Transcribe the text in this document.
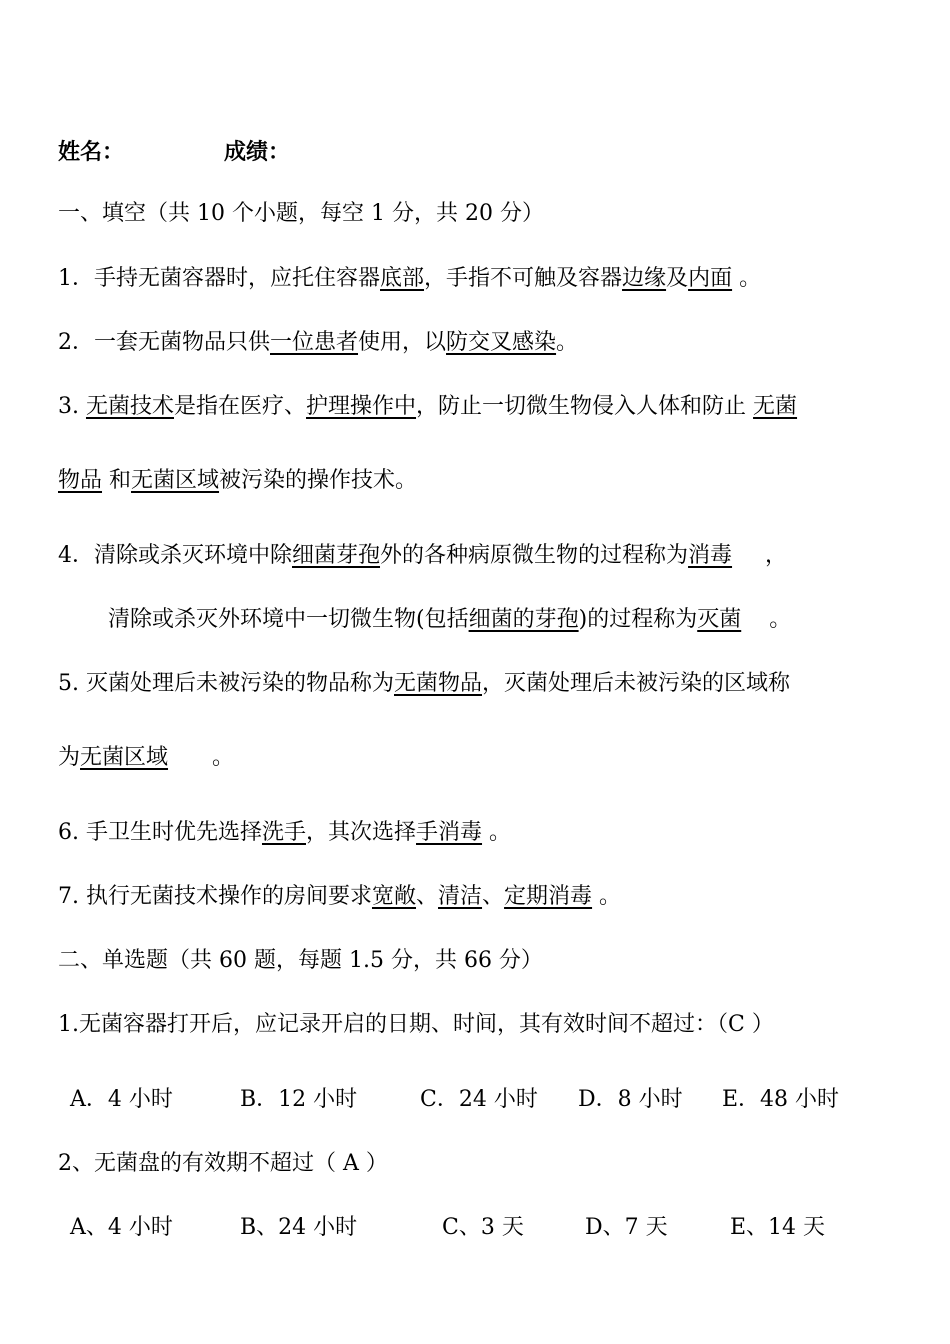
姓名：	成绩：
一、填空（共 10 个小题，每空 1 分，共 20 分）
1．手持无菌容器时，应托住容器底部，手指不可触及容器边缘及内面 。
2．一套无菌物品只供一位患者使用，以防交叉感染。
3. 无菌技术是指在医疗、护理操作中，防止一切微生物侵入人体和防止 无菌
物品 和无菌区域被污染的操作技术。
4．清除或杀灭环境中除细菌芽孢外的各种病原微生物的过程称为消毒 ，
清除或杀灭外环境中一切微生物(包括细菌的芽孢)的过程称为灭菌 。
5. 灭菌处理后未被污染的物品称为无菌物品，灭菌处理后未被污染的区域称
为无菌区域 。
6. 手卫生时优先选择洗手，其次选择手消毒 。
7. 执行无菌技术操作的房间要求宽敞、清洁、定期消毒 。
二、单选题（共 60 题，每题 1.5 分，共 66 分）
1.无菌容器打开后，应记录开启的日期、时间，其有效时间不超过：（C ）
A．4 小时	B．12 小时	C．24 小时 D．8 小时 E．48 小时
2、无菌盘的有效期不超过（ A ）
A、4 小时	B、24 小时	C、3 天	D、7 天	E、14 天
